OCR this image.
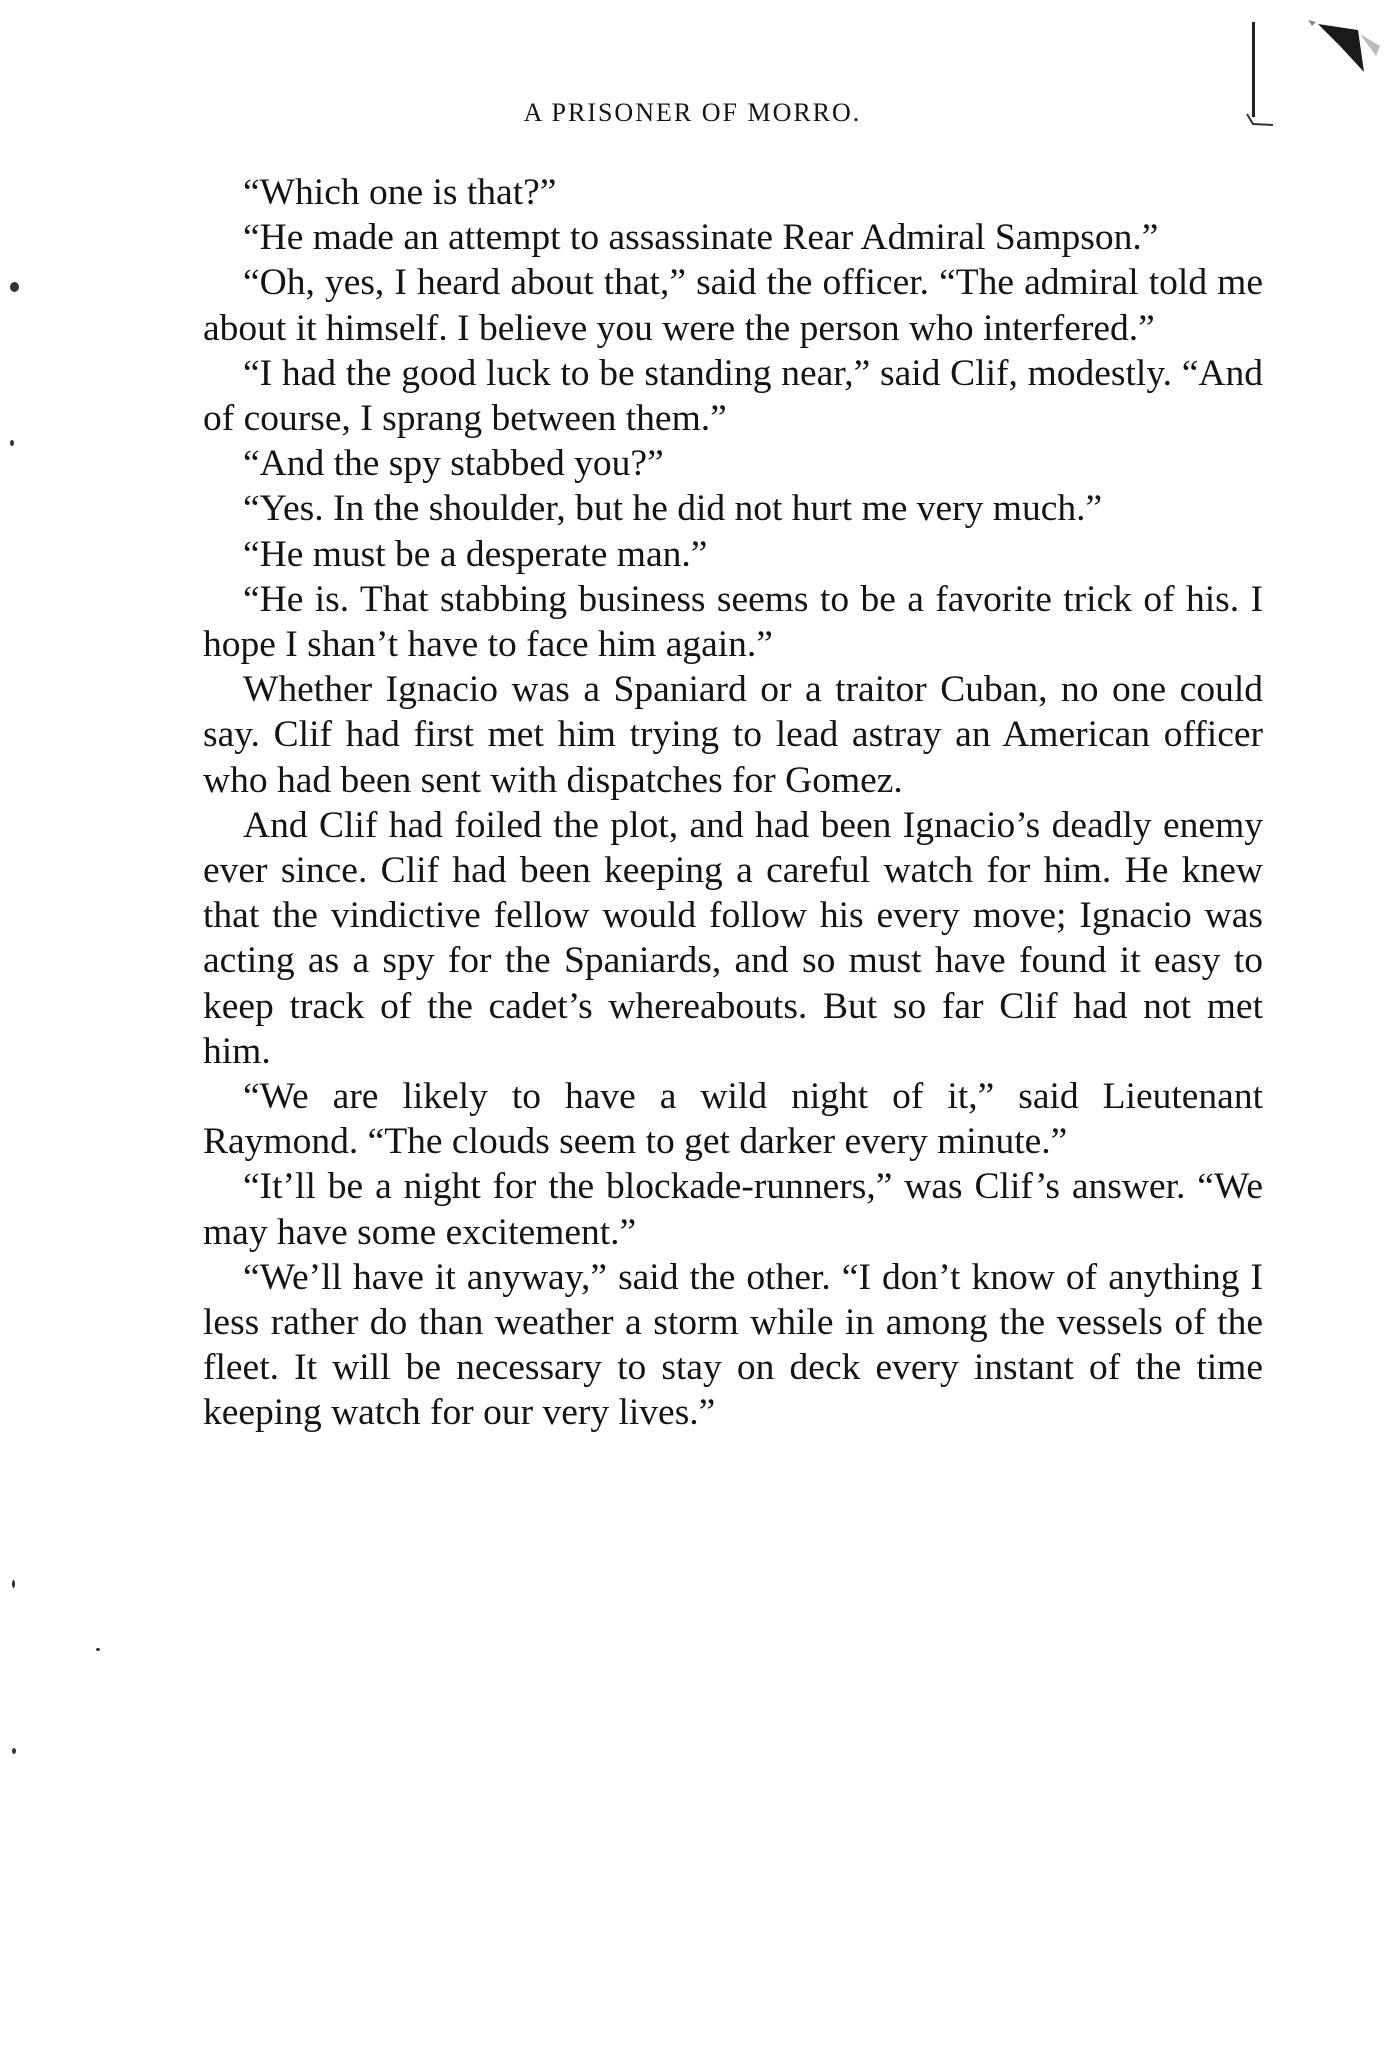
A PRISONER OF MORRO.

“Which one is that?”

“He made an attempt to assassinate Rear Admiral Sampson.”

“Oh, yes, I heard about that,” said the officer. “The admiral told me about it himself. I believe you were the person who interfered.”

“I had the good luck to be standing near,” said Clif, modestly. “And of course, I sprang between them.”

“And the spy stabbed you?”

“Yes. In the shoulder, but he did not hurt me very much.”

“He must be a desperate man.”

“He is. That stabbing business seems to be a favorite trick of his. I hope I shan’t have to face him again.”

Whether Ignacio was a Spaniard or a traitor Cuban, no one could say. Clif had first met him trying to lead astray an American officer who had been sent with dispatches for Gomez.

And Clif had foiled the plot, and had been Ignacio’s deadly enemy ever since. Clif had been keeping a careful watch for him. He knew that the vindictive fellow would follow his every move; Ignacio was acting as a spy for the Spaniards, and so must have found it easy to keep track of the cadet’s whereabouts. But so far Clif had not met him.

“We are likely to have a wild night of it,” said Lieutenant Raymond. “The clouds seem to get darker every minute.”

“It’ll be a night for the blockade-runners,” was Clif’s answer. “We may have some excitement.”

“We’ll have it anyway,” said the other. “I don’t know of anything I less rather do than weather a storm while in among the vessels of the fleet. It will be necessary to stay on deck every instant of the time keeping watch for our very lives.”
